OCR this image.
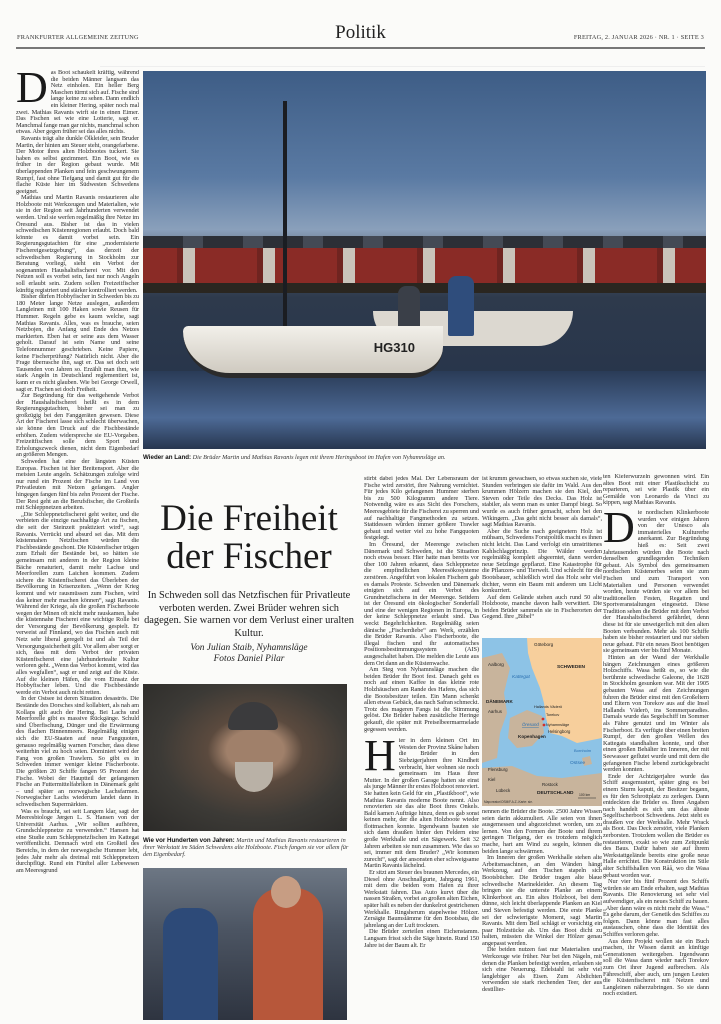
FRANKFURTER ALLGEMEINE ZEITUNG	Politik	FREITAG, 2. JANUAR 2026 · NR. 1 · SEITE 3
D as Boot schaukelt kräftig, während die beiden Männer langsam das Netz einholen. Ein heller Berg Maschen türmt sich auf. Fische sind lange keine zu sehen. Dann endlich ein kleiner Hering, später noch mal zwei. Mathias Ravanis wirft sie in einen Eimer. Das Fischen sei wie eine Lotterie, sagt er. Manchmal fange man gar nichts, manchmal schon etwas. Aber gegen früher sei das alles nichts.

Ravanis trägt alte dunkle Ölkleider, sein Bruder Martin, der hinten am Steuer steht, orangefarbene. Der Motor ihres alten Holzbootes tuckert. Sie haben es selbst gezimmert. Ein Boot, wie es früher in der Region gebaut wurde. Mit überlappenden Planken und fein geschwungenem Rumpf, fast ohne Tiefgang und damit gut für die flache Küste hier im Südwesten Schwedens geeignet.

Mathias und Martin Ravanis restaurieren alte Holzboote mit Werkzeugen und Materialien, wie sie in der Region seit Jahrhunderten verwendet werden. Und sie werfen regelmäßig ihre Netze im Öresund aus. Bisher ist das in vielen schwedischen Küstenregionen erlaubt. Doch bald könnte es damit vorbei sein. Ein Regierungsgutachten für eine „modernisierte Fischereigesetzgebung“, das derzeit der schwedischen Regierung in Stockholm zur Beratung vorliegt, sieht ein Verbot der sogenannten Haushaltsfischerei vor. Mit den Netzen soll es vorbei sein, fast nur noch Angeln soll erlaubt sein. Zudem sollen Freizeitfischer künftig registriert und stärker kontrolliert werden.

Bisher dürfen Hobbyfischer in Schweden bis zu 180 Meter lange Netze auslegen, außerdem Langleinen mit 100 Haken sowie Reusen für Hummer. Regeln gebe es kaum welche, sagt Mathias Ravanis. Alles, was es brauche, seien Netzbojen, die Anfang und Ende des Netzes markierten. Eben hat er seine aus dem Wasser geholt. Darauf ist sein Name und seine Telefonnummer geschrieben. Keine Papiere, keine Fischerprüfung? Natürlich nicht. Aber die Frage überrasche ihn, sagt er. Das sei doch seit Tausenden von Jahren so. Erzählt man ihm, wie stark Angeln in Deutschland reglementiert ist, kann er es nicht glauben. Wie bei George Orwell, sagt er. Fischen sei doch Freiheit.

Zur Begründung für das weitgehende Verbot der Haushaltsfischerei heißt es in dem Regierungsgutachten, bisher sei man zu großzügig bei den Fanggeräten gewesen. Diese Art der Fischerei lasse sich schlecht überwachen, sie könne den Druck auf die Fischbestände erhöhen. Zudem widerspreche sie EU-Vorgaben. Freizeitfischen solle dem Sport und Erholungszweck dienen, nicht dem Eigenbedarf an größeren Mengen.

Schweden hat eine der längsten Küsten Europas. Fischen ist hier Breitensport. Aber die meisten Leute angeln. Schätzungen zufolge wird nur rund ein Prozent der Fische im Land von Privatleuten mit Netzen gefangen. Angler hingegen fangen fünf bis zehn Prozent der Fische. Der Rest geht an die Berufsfischer, die Großteils mit Schleppnetzen arbeiten.

„Die Schleppnetzfischerei geht weiter, und die verbieten die einzige nachhaltige Art zu fischen, die seit der Steinzeit praktiziert wird“, sagt Ravanis. Verrückt und absurd sei das. Mit dem küstennahen Netzfischen würden die Fischbestände geschont. Die Küstenfischer trügen zum Erhalt der Bestände bei, so hätten sie gemeinsam mit anderen in der Region kleine Bäche renaturiert, damit mehr Lachse und Meerforellen zum Laichen kommen. Zudem sichere die Küstenfischerei das Überleben der Bevölkerung in Krisenzeiten. „Wenn der Krieg kommt und wir rausmüssen zum Fischen, wird das keiner mehr machen können“, sagt Ravanis. Während der Kriege, als die großen Fischerboote wegen der Minen oft nicht mehr rauskamen, habe die küstennahe Fischerei eine wichtige Rolle bei der Versorgung der Bevölkerung gespielt. Er verweist auf Finnland, wo das Fischen auch mit Netz sehr liberal geregelt ist und als Teil der Versorgungssicherheit gilt. Vor allem aber sorgt er sich, dass mit dem Verbot der privaten Küstenfischerei eine jahrhundertealte Kultur verloren geht. „Wenn das Verbot kommt, wird das alles wegfallen“, sagt er und zeigt auf die Küste. Auf die kleinen Häfen, die vom Einsatz der Hobbyfischer leben. Und die Fischbestände werde ein Verbot auch nicht retten.

In der Ostsee ist deren Situation desaströs. Die Bestände des Dorsches sind kollabiert, als nah am Kollaps gilt auch der Hering. Bei Lachs und Meerforelle gibt es massive Rückgänge. Schuld sind Überfischung, Dünger und die Erwärmung des flachen Binnenmeers. Regelmäßig einigen sich die EU-Staaten auf neue Fangquoten, genauso regelmäßig warnen Forscher, dass diese weiterhin viel zu hoch seien. Dominiert wird der Fang von großen Trawlern. So gibt es in Schweden immer weniger kleine Fischerboote. Die größten 20 Schiffe fangen 95 Prozent der Fische. Wobei der Hauptteil der gefangenen Fische an Futtermittelfabriken in Dänemark geht – und später an norwegische Lachsfarmen. Norwegischer Lachs wiederum landet dann in schwedischen Supermärkten.

Was es braucht, sei seit Langem klar, sagt der Meeresbiologe Jørgen L. S. Hansen von der Universität Aarhus. „Wir sollten aufhören, Grundschleppnetze zu verwenden.“ Hansen hat eine Studie zum Schleppnetzfischen im Kattegat veröffentlicht. Demnach wird ein Großteil des Bereichs, in dem der norwegische Hummer lebt, jedes Jahr mehr als dreimal mit Schleppnetzen durchpflügt. Rund ein Fünftel aller Lebewesen am Meeresgrund

HG310
Wieder an Land: Die Brüder Martin und Mathias Ravanis legen mit ihrem Heringsboot im Hafen von Nyhamnsläge an.
Die Freiheit der Fischer
In Schweden soll das Netzfischen für Privatleute verboten werden. Zwei Brüder wehren sich dagegen. Sie warnen vor dem Verlust einer uralten Kultur.
Von Julian Staib, Nyhamnsläge
Fotos Daniel Pilar
Wie vor Hunderten von Jahren: Martin und Mathias Ravanis restaurieren in ihrer Werkstatt im Süden Schwedens alte Holzboote. Fisch fangen sie vor allem für den Eigenbedarf.

stirbt dabei jedes Mal. Der Lebensraum der Fische wird zerstört, ihre Nahrung vernichtet. Für jedes Kilo gefangenen Hummer sterben bis zu 500 Kilogramm andere Tiere. Notwendig wäre es aus Sicht des Forschers, Meeresgebiete für die Fischerei zu sperren und auf nachhaltige Fangmethoden zu setzen. Stattdessen würden immer größere Trawler gebaut und weiter viel zu hohe Fangquoten festgelegt.

Im Öresund, der Meerenge zwischen Dänemark und Schweden, ist die Situation noch etwas besser. Hier hatte man bereits vor über 100 Jahren erkannt, dass Schleppnetze die empfindlichen Meeresökosysteme zerstören. Angeführt von lokalen Fischern gab es damals Proteste. Schweden und Dänemark einigten sich auf ein Verbot des Grundnetzfischens in der Meerenge. Seitdem ist der Öresund ein ökologischer Sonderfall und eine der wenigen Regionen in Europa, in der keine Schleppnetze erlaubt sind. Das weckt Begehrlichkeiten. Regelmäßig seien dänische „Fischerdiebe“ am Werk, erzählen die Brüder Ravanis. Also Fischerboote, die illegal fischen und ihr automatisches Positionsbestimmungssystem (AIS) ausgeschaltet haben. Die melden die Leute aus dem Ort dann an die Küstenwache.

Am Steg von Nyhamnsläge machen die beiden Brüder ihr Boot fest. Danach geht es noch auf einen Kaffee in das kleine rote Holzhäuschen am Rande des Hafens, das sich die Bootsbesitzer teilen. Ein Mann schenkt allen etwas Gebäck, das nach Safran schmeckt. Trotz des mageren Fangs ist die Stimmung gelöst. Die Brüder haben zusätzliche Heringe gekauft, die später mit Preiselbeermarmelade gegessen werden.

H ier in dem kleinen Ort im Westen der Provinz Skåne haben die Brüder in den Siebzigerjahren ihre Kindheit verbracht, hier wohnen sie noch gemeinsam im Haus ihrer Mutter. In der großen Garage hatten sie einst als junge Männer ihr erstes Holzboot renoviert. Sie hatten kein Geld für ein „Plastikboot“, wie Mathias Ravanis moderne Boote nennt. Also renovierten sie das alte Boot ihres Onkels. Bald kamen Aufträge hinzu, denn es gab sonst keinen mehr, der die alten Holzboote wieder flottmachen konnte. Irgendwann bauten sie sich dann draußen hinter den Feldern eine große Werkhalle und ein Sägewerk. Seit 32 Jahren arbeiten sie nun zusammen. Wie das so sei, immer mit dem Bruder? „Wir kommen zurecht“, sagt der ansonsten eher schweigsame Martin Ravanis lächelnd.

Er sitzt am Steuer des braunen Mercedes, ein Diesel ohne Anschnallgurte, Jahrgang 1961, mit dem die beiden vom Hafen zu ihrer Werkstatt fahren. Das Auto kurvt über die nassen Straßen, vorbei an großen alten Eichen, später hält es neben der dunkelrot gestrichenen Werkhalle. Ringsherum stapelweise Hölzer. Zersägte Baumstämme für den Bootsbau, die jahrelang an der Luft trocknen.

Die Brüder zerteilen einen Eichenstamm. Langsam frisst sich die Säge hinein. Rund 150 Jahre ist der Baum alt. Er

ist krumm gewachsen, so etwas suchen sie, viele Stunden verbringen sie dafür im Wald. Aus den krummen Hölzern machen sie den Kiel, den Steven oder Teile des Decks. Das Holz ist stabiler, als wenn man es unter Dampf biegt. So wurde es auch früher gemacht, schon bei den Wikingern. „Das geht nicht besser als damals“, sagt Mathias Ravanis.

Aber die Suche nach geeignetem Holz ist mühsam, Schwedens Forstpolitik macht es ihnen nicht leicht. Das Land verfolgt ein umstrittenes Kahlschlagprinzip. Die Wälder werden regelmäßig komplett abgeerntet, dann werden neue Setzlinge gepflanzt. Eine Katastrophe für die Pflanzen- und Tierwelt. Und schlecht für die Bootsbauer, schließlich wird das Holz sehr viel dichter, wenn ein Baum mit anderen um Licht konkurriert.

Auf dem Gelände stehen auch rund 50 alte Holzboote, manche davon halb verwittert. Die beiden Brüder sammeln sie in Fischerorten der Gegend. Ihre „Bibel“

Göteborg
Aalborg
Kattegat
SCHWEDEN
Hallands Väderö
Torekov
Nyhamnsläge
Helsingborg
DÄNEMARK
Aarhus
Öresund
Kopenhagen
Bornholm
Ostsee
Flensburg
Kiel
Lübeck
Rostock
DEUTSCHLAND 100 km
Mapcreator/OSM/F.A.Z.-Karte: sie.

nennen die Brüder die Boote. 2500 Jahre Wissen seien darin akkumuliert. Alle seien von ihnen ausgemessen und abgezeichnet worden, um zu lernen. Von den Formen der Boote und ihrem geringen Tiefgang, der es trotzdem möglich mache, hart am Wind zu segeln, können die beiden lange schwärmen.

Im Inneren der großen Werkhalle stehen alte Arbeitsmaschinen, an den Wänden hängt Werkzeug, auf den Tischen stapeln sich Bootsbücher. Die Brüder tragen alte blaue schwedische Marinekleider. An diesem Tag bringen sie die unterste Planke an einem Klinkerboot an. Ein altes Holzboot, bei dem dünne, sich leicht überlappende Planken an Kiel und Steven befestigt werden. Die erste Planke sei der schwierigste Moment, sagt Martin Ravanis. Mit dem Beil schlägt er vorsichtig ein paar Holzstücke ab. Um das Boot dicht zu halten, müssten die Winkel der Hölzer genau angepasst werden.

Die beiden nutzen fast nur Materialien und Werkzeuge wie früher. Nur bei den Nägeln, mit denen die Planken befestigt werden, erlauben sie sich eine Neuerung. Edelstahl ist sehr viel langlebiger als Eisen. Zum Abdichten verwenden sie stark riechenden Teer, der aus destillier-

ten Kieferwurzeln gewonnen wird. Ein altes Boot mit einer Plastikschicht zu reparieren, sei wie Plastik über ein Gemälde von Leonardo da Vinci zu kippen, sagt Mathias Ravanis.

D ie nordischen Klinkerboote wurden vor einigen Jahren von der Unesco als immaterielles Kulturerbe anerkannt. Zur Begründung hieß es: Seit zwei Jahrtausenden würden die Boote nach denselben grundlegenden Techniken gebaut. Als Symbol des gemeinsamen nordischen Küstenerbes seien sie zum Fischen und zum Transport von Materialien und Personen verwendet worden, heute würden sie vor allem bei traditionellen Festen, Regatten und Sportveranstaltungen eingesetzt. Diese Tradition sehen die Brüder mit dem Verbot der Haushaltsfischerei gefährdet, denn diese ist für sie unweigerlich mit den alten Booten verbunden. Mehr als 100 Schiffe haben sie bisher restauriert und nur sieben neue gebaut. Für ein neues Boot benötigen sie gemeinsam vier bis fünf Monate.

Hinten an der Wand der Werkhalle hängen Zeichnungen eines größeren Holzschiffs. Wasa heißt es, so wie die berühmte schwedische Galeone, die 1628 in Stockholm gesunken war. Mit der 1905 gebauten Wasa auf den Zeichnungen fuhren die Brüder einst mit den Großeltern und Eltern von Torekov aus auf die Insel Hallands Väderö, ins Sommerparadies. Damals wurde das Segelschiff im Sommer als Fähre genutzt und im Winter als Fischerboot. Es verfügte über einen breiten Rumpf, der den großen Wellen des Kattegats standhalten konnte, und über einen großen Behälter im Inneren, der mit Seewasser geflutet wurde und mit dem die gefangenen Fische lebend zurückgebracht werden konnten.

Ende der Achtzigerjahre wurde das Schiff ausgemustert, später ging es bei einem Sturm kaputt, der Besitzer begann, es für den Schrottplatz zu zerlegen. Dann entdeckten die Brüder es. Ihren Angaben nach handelt es sich um das älteste Segelfischerboot Schwedens. Jetzt steht es draußen vor der Werkhalle. Mehr Wrack als Boot. Das Deck zerstört, viele Planken zerborsten. Trotzdem wollen die Brüder es restaurieren, exakt so wie zum Zeitpunkt des Baus. Dafür haben sie auf ihrem Werkstattgelände bereits eine große neue Halle errichtet. Die Konstruktion im Stile alter Schiffshallen von Råå, wo die Wasa gebaut worden war.

Nur vier bis fünf Prozent des Schiffs würden sie am Ende erhalten, sagt Mathias Ravanis. Die Renovierung sei sehr viel aufwendiger, als ein neues Schiff zu bauen. „Aber dann wäre es nicht mehr die Wasa.“ Es gehe darum, der Genetik des Schiffes zu folgen. Dann könne man fast alles austauschen, ohne dass die Identität des Schiffes verloren gehe.

Aus dem Projekt wollen sie ein Buch machen, ihr Wissen damit an künftige Generationen weitergeben. Irgendwann soll die Wasa dann wieder nach Torekov zum Ort ihrer Jugend aufbrechen. Als Fähreschiff, aber auch, um jungen Leuten die Küstenfischerei mit Netzen und Langleinen näherzubringen. So sie dann noch existiert.
